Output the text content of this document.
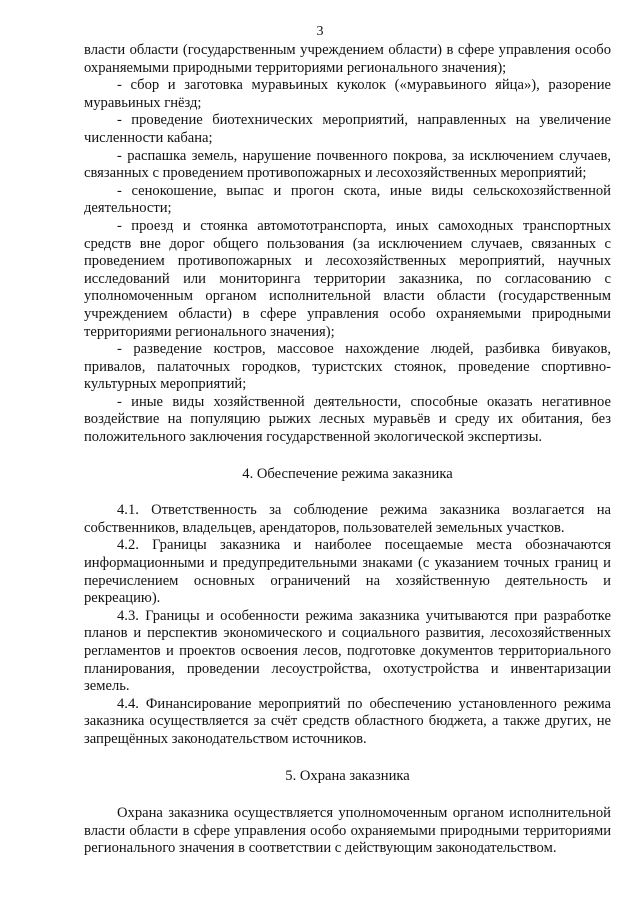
3

власти области (государственным учреждением области) в сфере управления особо охраняемыми природными территориями регионального значения);

- сбор и заготовка муравьиных куколок («муравьиного яйца»), разорение муравьиных гнёзд;

- проведение биотехнических мероприятий, направленных на увеличение численности кабана;

- распашка земель, нарушение почвенного покрова, за исключением случаев, связанных с проведением противопожарных и лесохозяйственных мероприятий;

- сенокошение, выпас и прогон скота, иные виды сельскохозяйственной деятельности;

- проезд и стоянка автомототранспорта, иных самоходных транспортных средств вне дорог общего пользования (за исключением случаев, связанных с проведением противопожарных и лесохозяйственных мероприятий, научных исследований или мониторинга территории заказника, по согласованию с уполномоченным органом исполнительной власти области (государственным учреждением области) в сфере управления особо охраняемыми природными территориями регионального значения);

- разведение костров, массовое нахождение людей, разбивка бивуаков, привалов, палаточных городков, туристских стоянок, проведение спортивно-культурных мероприятий;

- иные виды хозяйственной деятельности, способные оказать негативное воздействие на популяцию рыжих лесных муравьёв и среду их обитания, без положительного заключения государственной экологической экспертизы.

4. Обеспечение режима заказника

4.1. Ответственность за соблюдение режима заказника возлагается на собственников, владельцев, арендаторов, пользователей земельных участков.

4.2. Границы заказника и наиболее посещаемые места обозначаются информационными и предупредительными знаками (с указанием точных границ и перечислением основных ограничений на хозяйственную деятельность и рекреацию).

4.3. Границы и особенности режима заказника учитываются при разработке планов и перспектив экономического и социального развития, лесохозяйственных регламентов и проектов освоения лесов, подготовке документов территориального планирования, проведении лесоустройства, охотустройства и инвентаризации земель.

4.4. Финансирование мероприятий по обеспечению установленного режима заказника осуществляется за счёт средств областного бюджета, а также других, не запрещённых законодательством источников.

5. Охрана заказника

Охрана заказника осуществляется уполномоченным органом исполнительной власти области в сфере управления особо охраняемыми природными территориями регионального значения в соответствии с действующим законодательством.
